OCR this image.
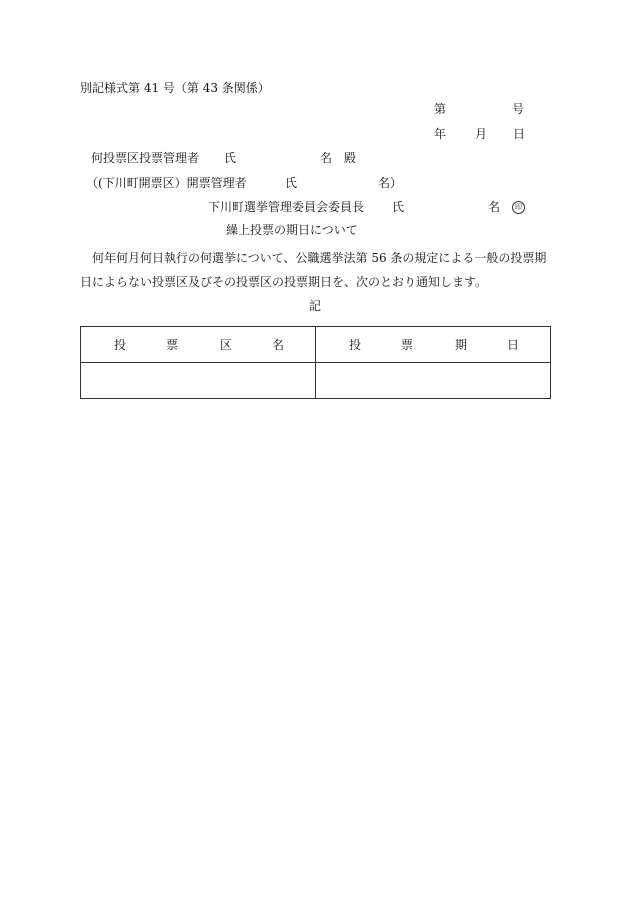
別記様式第 41 号（第 43 条関係）
第	号
年 月 日
何投票区投票管理者 氏	名 殿
（(下川町開票区）開票管理者	氏	名）
下川町選挙管理委員会委員長 氏	名	印
繰上投票の期日について
何年何月何日執行の何選挙について、公職選挙法第 56 条の規定による一般の投票期日によらない投票区及びその投票区の投票期日を、次のとおり通知します。
記
投 票 区 名	投 票 期 日
